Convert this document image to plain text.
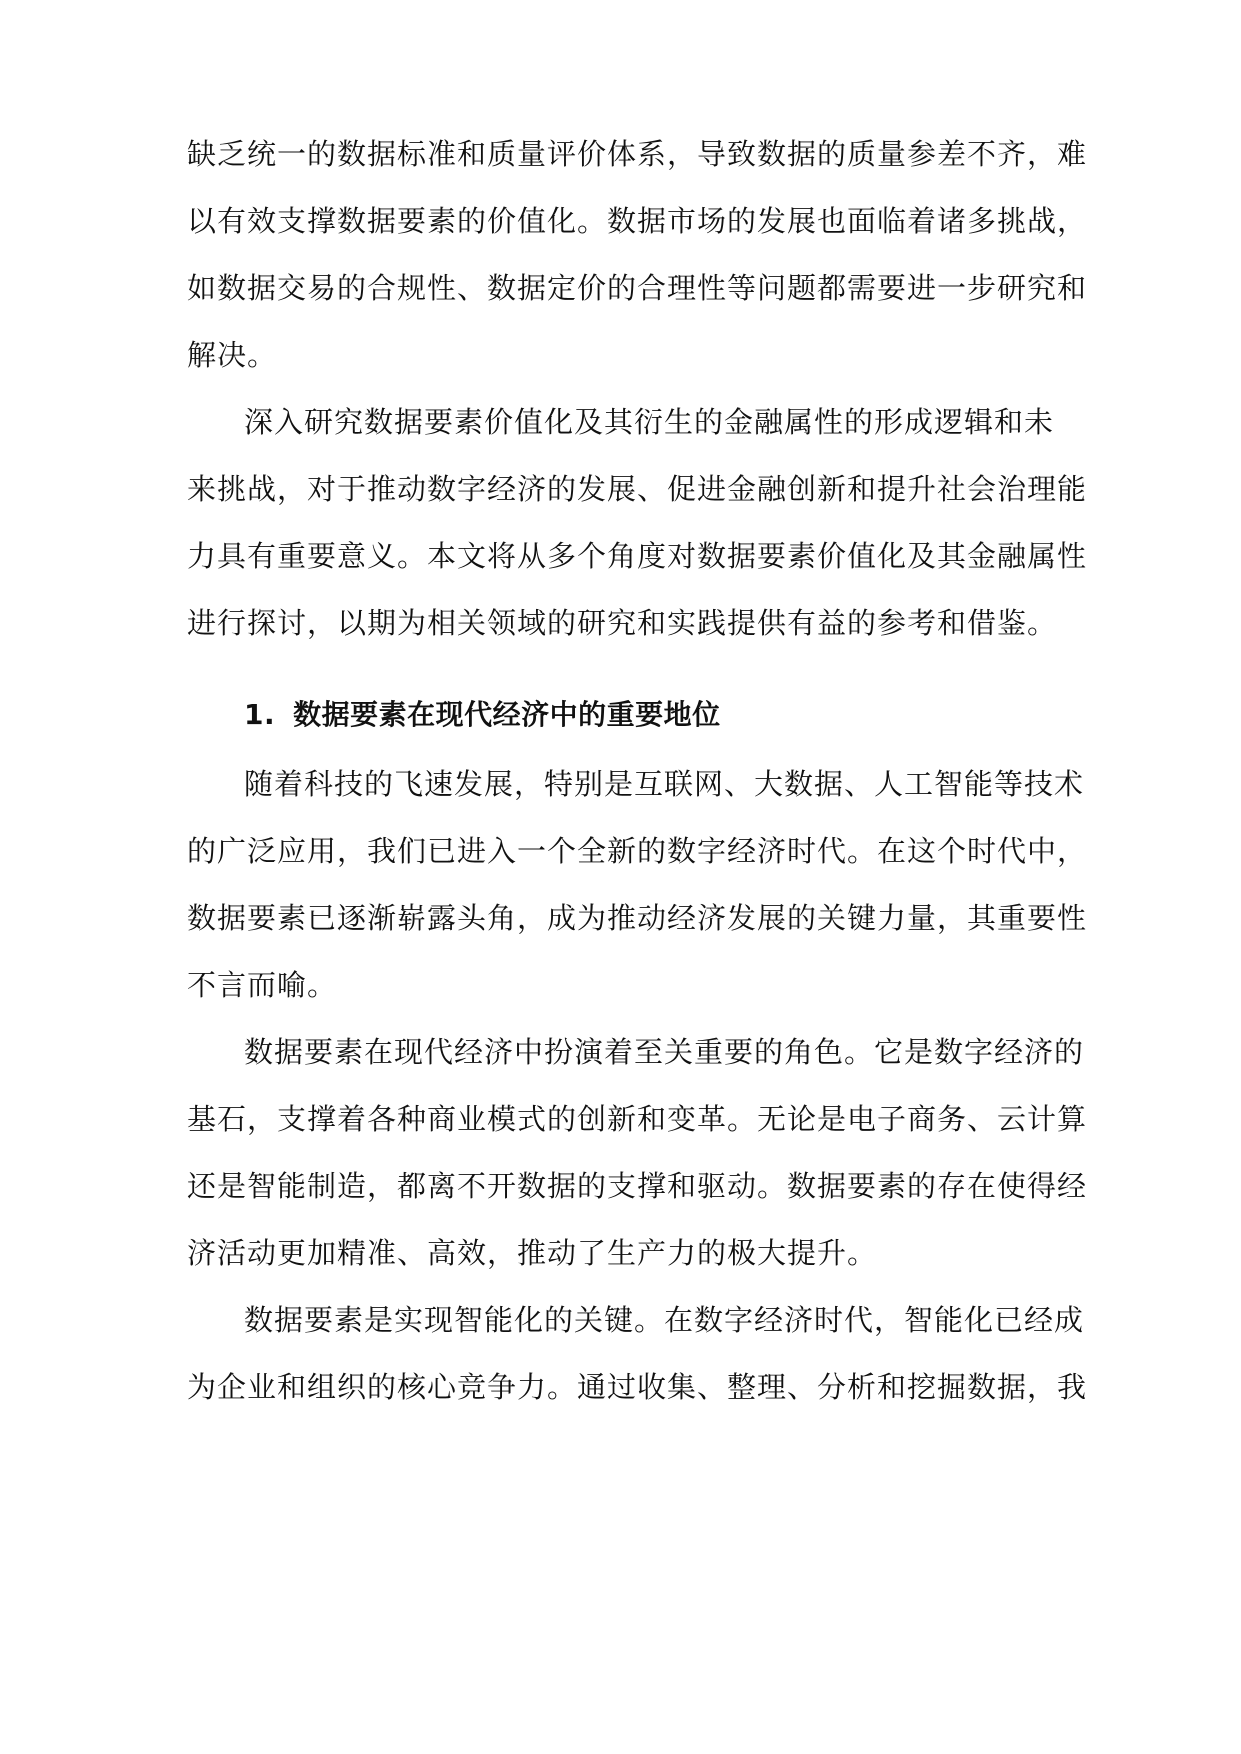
缺乏统一的数据标准和质量评价体系，导致数据的质量参差不齐，难
以有效支撑数据要素的价值化。数据市场的发展也面临着诸多挑战，
如数据交易的合规性、数据定价的合理性等问题都需要进一步研究和
解决。
深入研究数据要素价值化及其衍生的金融属性的形成逻辑和未
来挑战，对于推动数字经济的发展、促进金融创新和提升社会治理能
力具有重要意义。本文将从多个角度对数据要素价值化及其金融属性
进行探讨，以期为相关领域的研究和实践提供有益的参考和借鉴。
1. 数据要素在现代经济中的重要地位
随着科技的飞速发展，特别是互联网、大数据、人工智能等技术
的广泛应用，我们已进入一个全新的数字经济时代。在这个时代中，
数据要素已逐渐崭露头角，成为推动经济发展的关键力量，其重要性
不言而喻。
数据要素在现代经济中扮演着至关重要的角色。它是数字经济的
基石，支撑着各种商业模式的创新和变革。无论是电子商务、云计算
还是智能制造，都离不开数据的支撑和驱动。数据要素的存在使得经
济活动更加精准、高效，推动了生产力的极大提升。
数据要素是实现智能化的关键。在数字经济时代，智能化已经成
为企业和组织的核心竞争力。通过收集、整理、分析和挖掘数据，我
